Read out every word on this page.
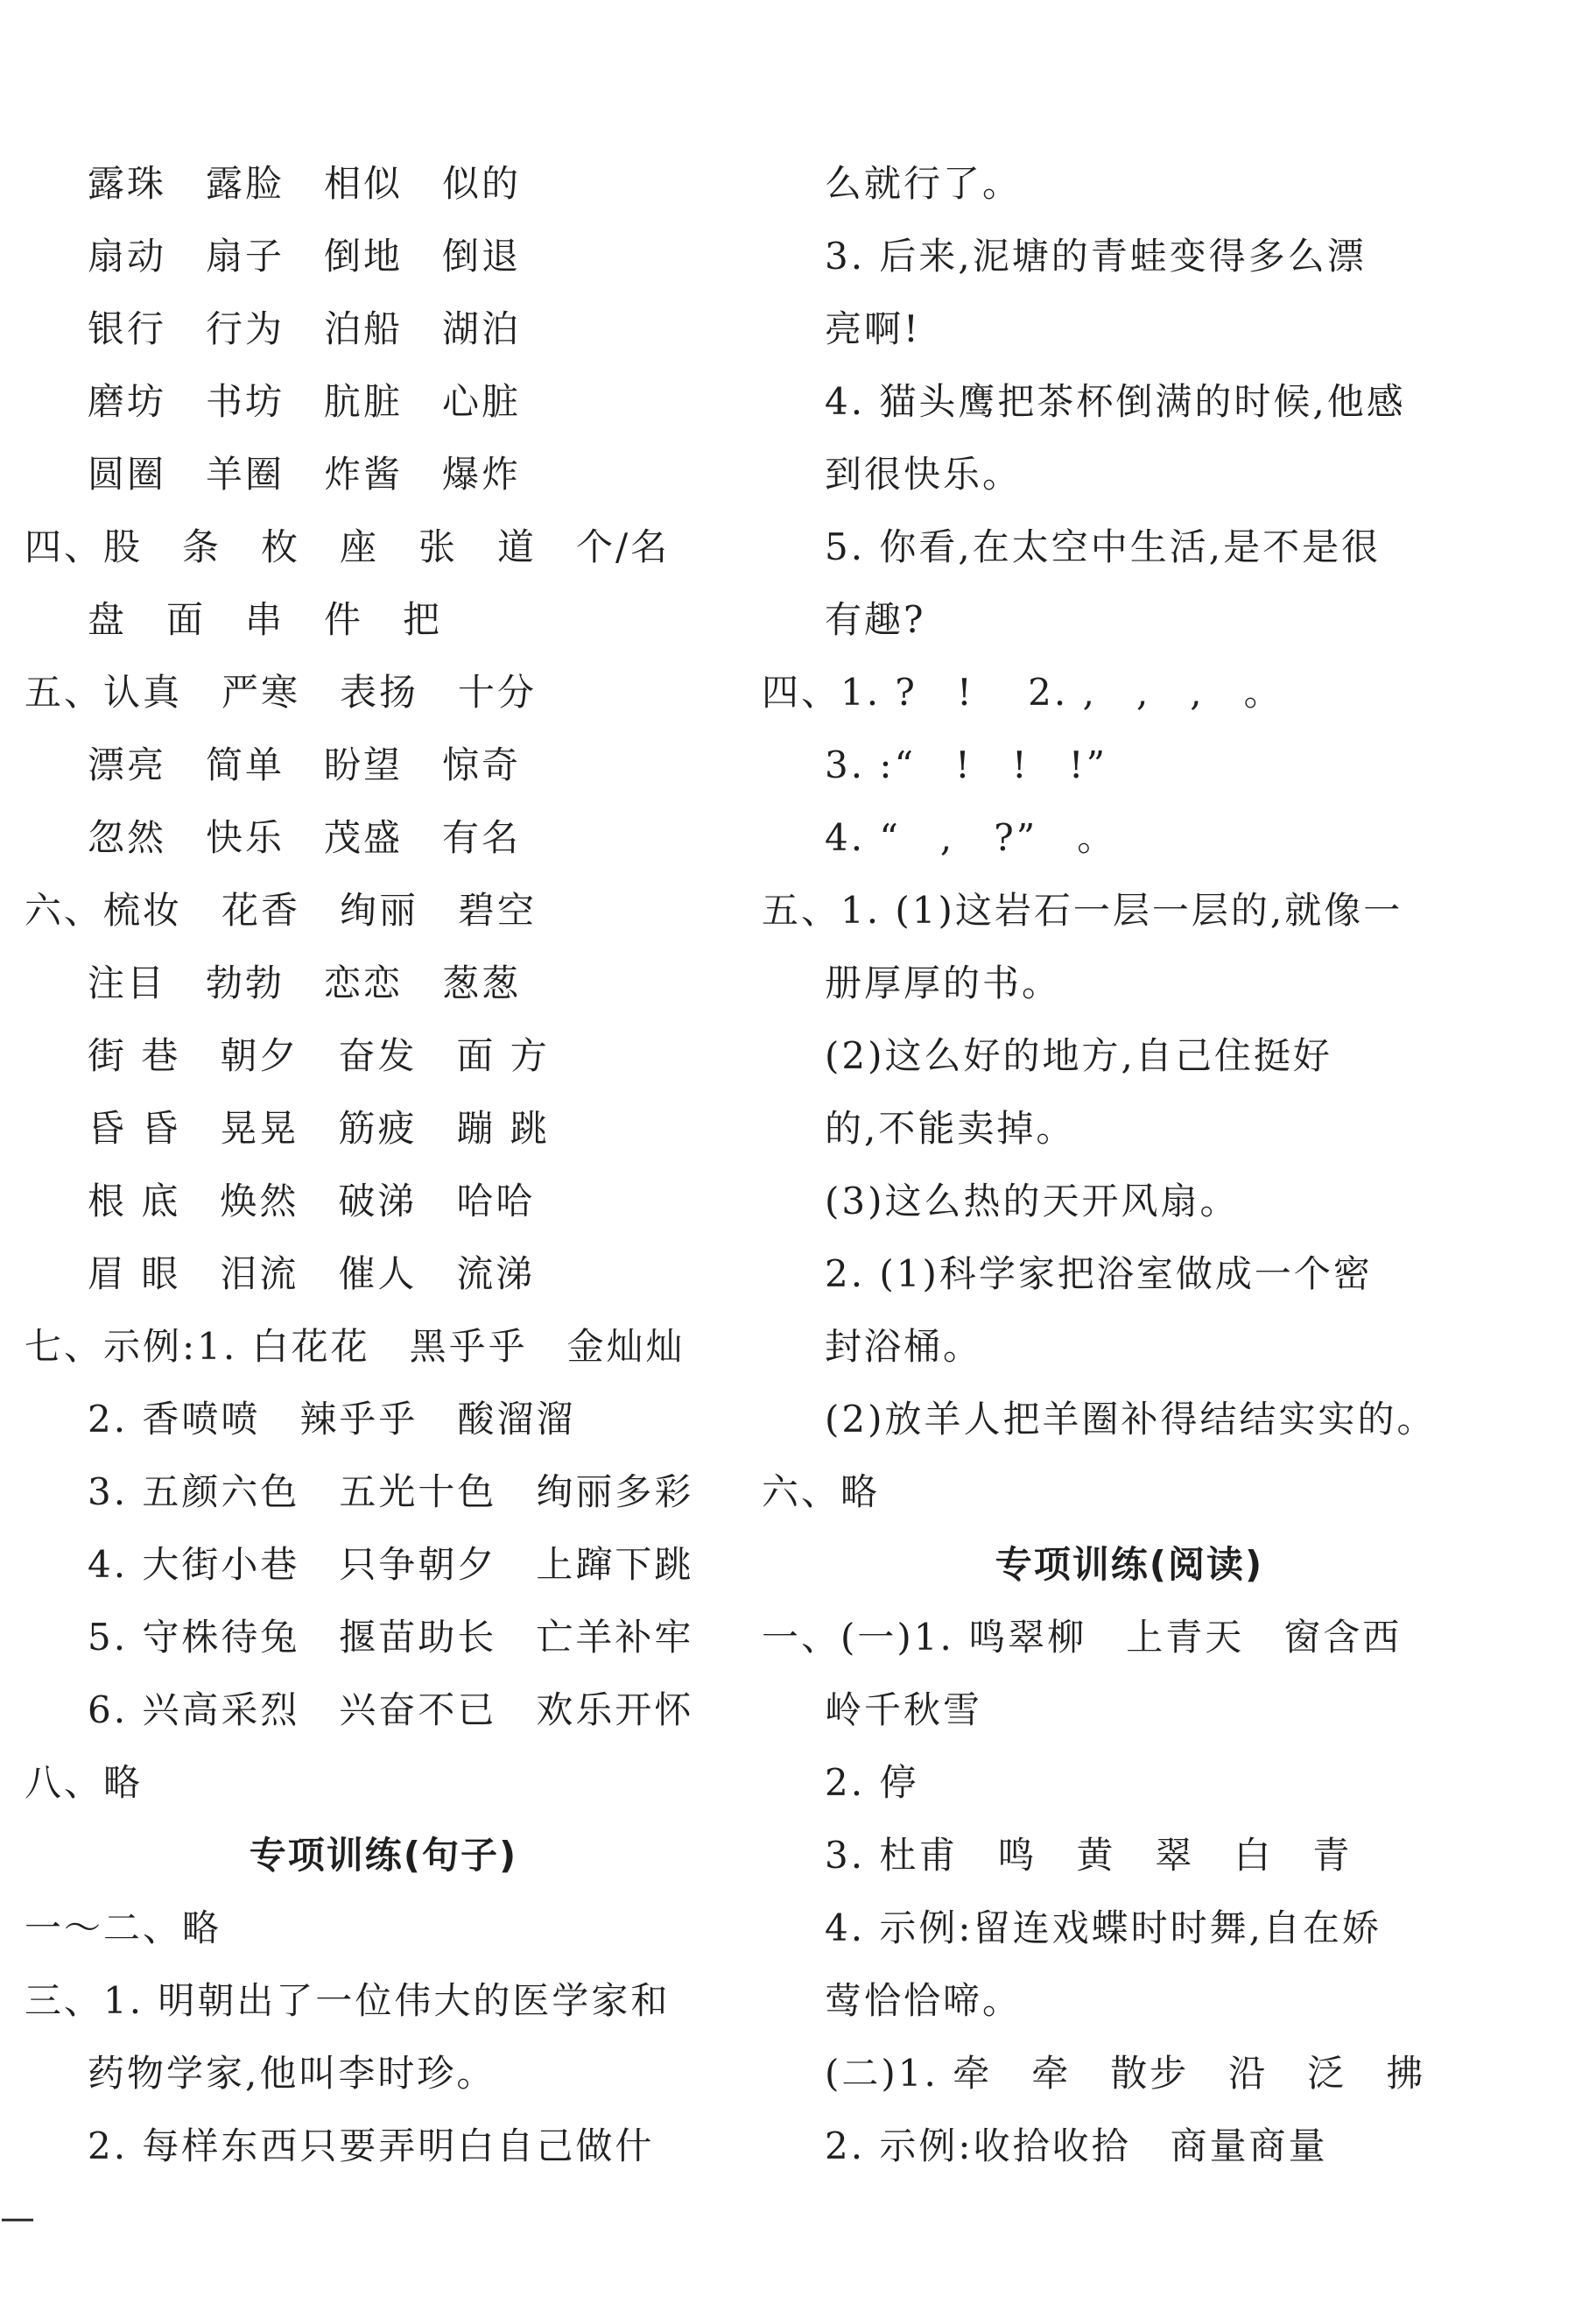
露珠　露脸　相似　似的
扇动　扇子　倒地　倒退
银行　行为　泊船　湖泊
磨坊　书坊　肮脏　心脏
圆圈　羊圈　炸酱　爆炸
四、股　条　枚　座　张　道　个/名
盘　面　串　件　把
五、认真　严寒　表扬　十分
漂亮　简单　盼望　惊奇
忽然　快乐　茂盛　有名
六、梳妆　花香　绚丽　碧空
注目　勃勃　恋恋　葱葱
街 巷　朝夕　奋发　面 方
昏 昏　晃晃　筋疲　蹦 跳
根 底　焕然　破涕　哈哈
眉 眼　泪流　催人　流涕
七、示例:1. 白花花　黑乎乎　金灿灿
2. 香喷喷　辣乎乎　酸溜溜
3. 五颜六色　五光十色　绚丽多彩
4. 大街小巷　只争朝夕　上蹿下跳
5. 守株待兔　揠苗助长　亡羊补牢
6. 兴高采烈　兴奋不已　欢乐开怀
八、略
专项训练(句子)
一～二、略
三、1. 明朝出了一位伟大的医学家和
药物学家,他叫李时珍。
2. 每样东西只要弄明白自己做什
么就行了。
3. 后来,泥塘的青蛙变得多么漂
亮啊!
4. 猫头鹰把茶杯倒满的时候,他感
到很快乐。
5. 你看,在太空中生活,是不是很
有趣?
四、1. ?　!　 2. ,　,　,　。
3. :“　!　!　!”
4. “　,　?”　。
五、1. (1)这岩石一层一层的,就像一
册厚厚的书。
(2)这么好的地方,自己住挺好
的,不能卖掉。
(3)这么热的天开风扇。
2. (1)科学家把浴室做成一个密
封浴桶。
(2)放羊人把羊圈补得结结实实的。
六、略
专项训练(阅读)
一、(一)1. 鸣翠柳　上青天　窗含西
岭千秋雪
2. 停
3. 杜甫　鸣　黄　翠　白　青
4. 示例:留连戏蝶时时舞,自在娇
莺恰恰啼。
(二)1. 牵　牵　散步　沿　泛　拂
2. 示例:收拾收拾　商量商量
—
